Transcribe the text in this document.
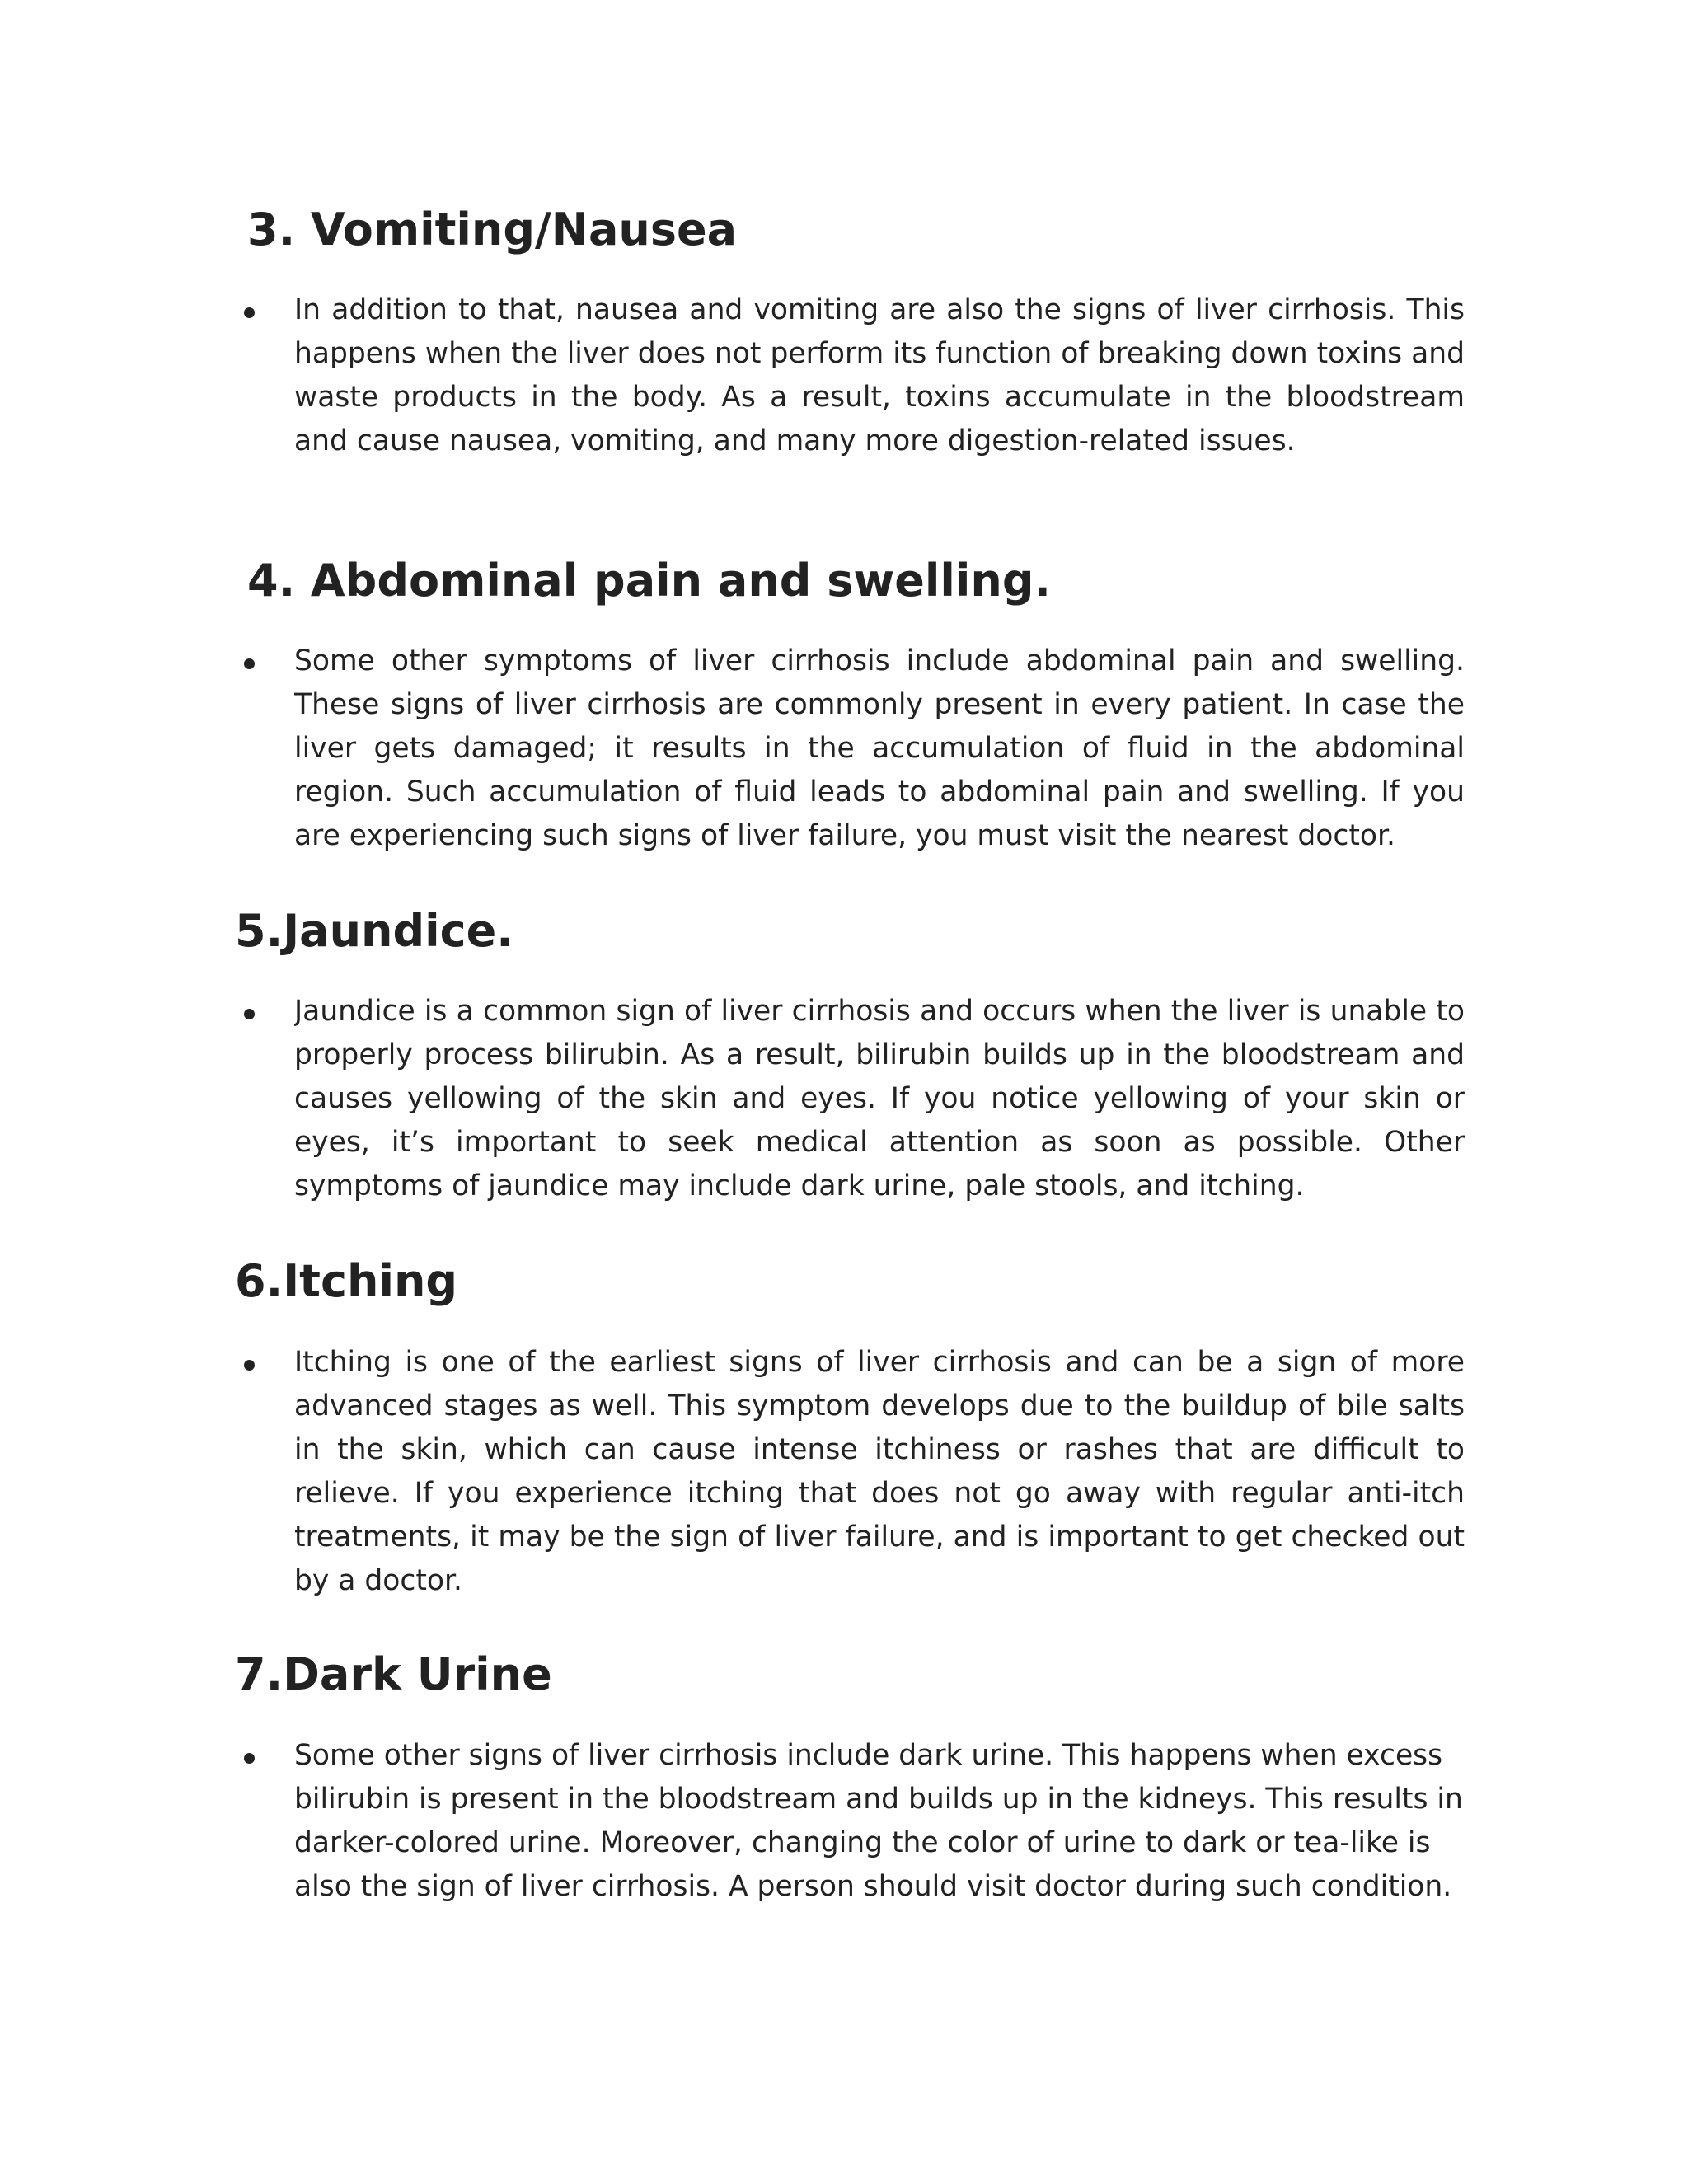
3. Vomiting/Nausea

In addition to that, nausea and vomiting are also the signs of liver cirrhosis. This happens when the liver does not perform its function of breaking down toxins and waste products in the body. As a result, toxins accumulate in the bloodstream and cause nausea, vomiting, and many more digestion-related issues.

4. Abdominal pain and swelling.

Some other symptoms of liver cirrhosis include abdominal pain and swelling. These signs of liver cirrhosis are commonly present in every patient. In case the liver gets damaged; it results in the accumulation of fluid in the abdominal region. Such accumulation of fluid leads to abdominal pain and swelling. If you are experiencing such signs of liver failure, you must visit the nearest doctor.

5.Jaundice.

Jaundice is a common sign of liver cirrhosis and occurs when the liver is unable to properly process bilirubin. As a result, bilirubin builds up in the bloodstream and causes yellowing of the skin and eyes. If you notice yellowing of your skin or eyes, it’s important to seek medical attention as soon as possible. Other symptoms of jaundice may include dark urine, pale stools, and itching.

6.Itching

Itching is one of the earliest signs of liver cirrhosis and can be a sign of more advanced stages as well. This symptom develops due to the buildup of bile salts in the skin, which can cause intense itchiness or rashes that are difficult to relieve. If you experience itching that does not go away with regular anti-itch treatments, it may be the sign of liver failure, and is important to get checked out by a doctor.

7.Dark Urine

Some other signs of liver cirrhosis include dark urine. This happens when excess bilirubin is present in the bloodstream and builds up in the kidneys. This results in darker-colored urine. Moreover, changing the color of urine to dark or tea-like is also the sign of liver cirrhosis. A person should visit doctor during such condition.
